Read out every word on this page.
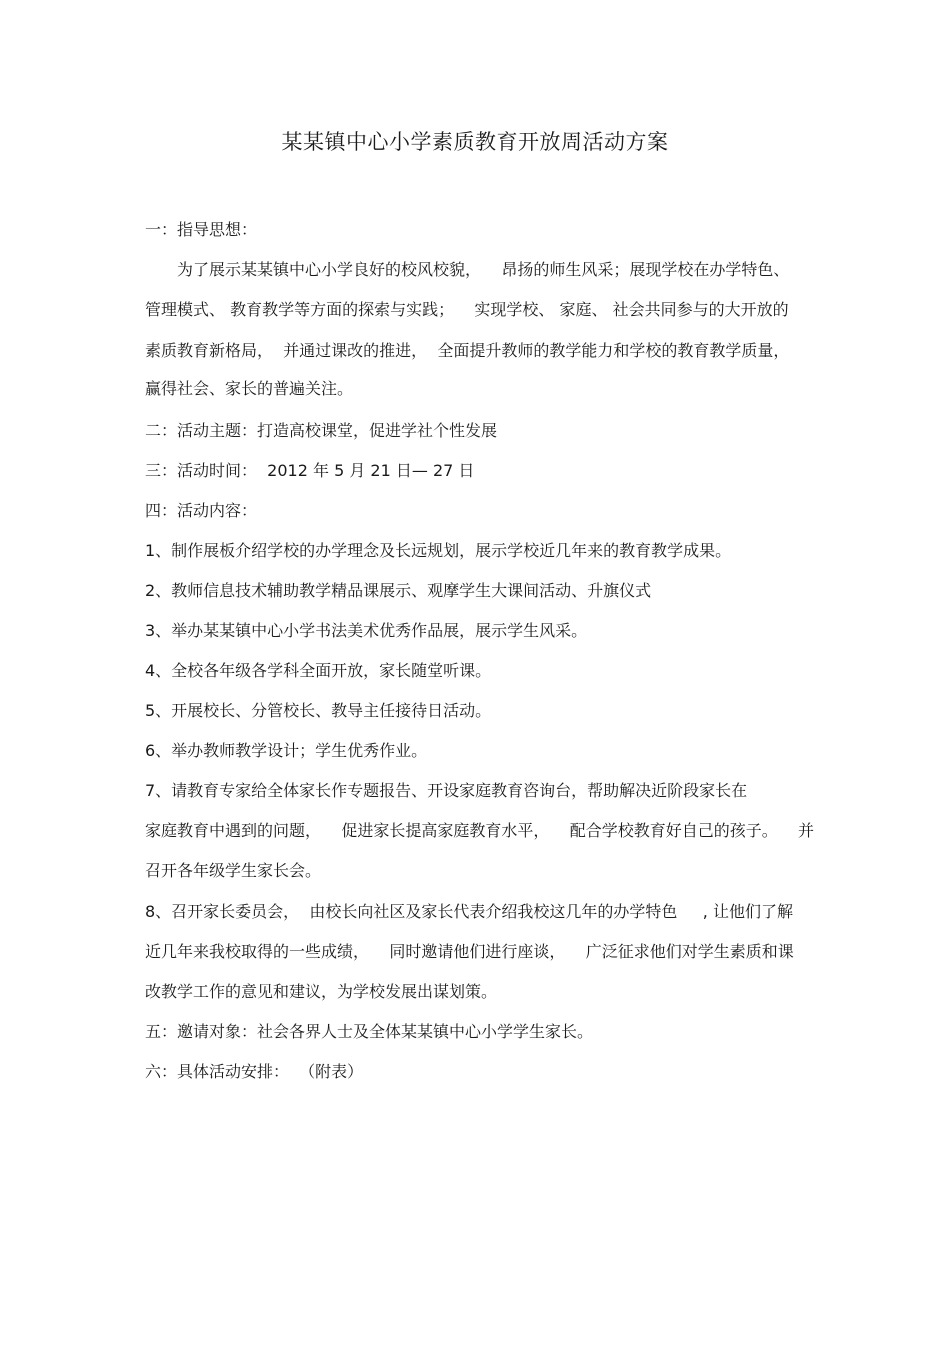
某某镇中心小学素质教育开放周活动方案
一：指导思想：
为了展示某某镇中心小学良好的校风校貌，    昂扬的师生风采；展现学校在办学特色、
管理模式、 教育教学等方面的探索与实践；    实现学校、 家庭、 社会共同参与的大开放的
素质教育新格局，  并通过课改的推进，  全面提升教师的教学能力和学校的教育教学质量，
赢得社会、家长的普遍关注。
二：活动主题：打造高校课堂，促进学社个性发展
三：活动时间：  2012 年 5 月 21 日— 27 日
四：活动内容：
1、制作展板介绍学校的办学理念及长远规划，展示学校近几年来的教育教学成果。
2、教师信息技术辅助教学精品课展示、观摩学生大课间活动、升旗仪式
3、举办某某镇中心小学书法美术优秀作品展，展示学生风采。
4、全校各年级各学科全面开放，家长随堂听课。
5、开展校长、分管校长、教导主任接待日活动。
6、举办教师教学设计；学生优秀作业。
7、请教育专家给全体家长作专题报告、开设家庭教育咨询台，帮助解决近阶段家长在
家庭教育中遇到的问题，    促进家长提高家庭教育水平，    配合学校教育好自己的孩子。    并
召开各年级学生家长会。
8、召开家长委员会，  由校长向社区及家长代表介绍我校这几年的办学特色     , 让他们了解
近几年来我校取得的一些成绩，    同时邀请他们进行座谈，    广泛征求他们对学生素质和课
改教学工作的意见和建议，为学校发展出谋划策。
五：邀请对象：社会各界人士及全体某某镇中心小学学生家长。
六：具体活动安排：  （附表）
